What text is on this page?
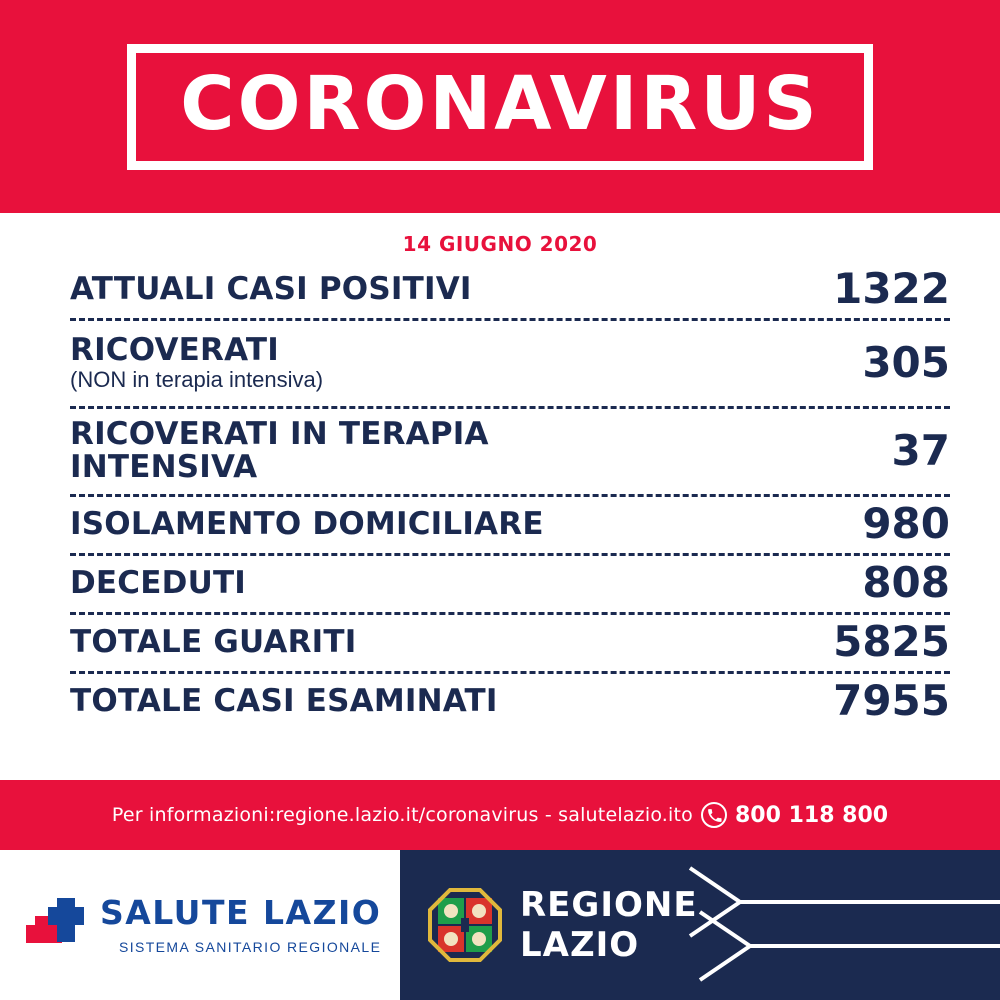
CORONAVIRUS
14 GIUGNO 2020
ATTUALI CASI POSITIVI	1322
RICOVERATI
(NON in terapia intensiva)	305
RICOVERATI IN TERAPIA INTENSIVA	37
ISOLAMENTO DOMICILIARE	980
DECEDUTI	808
TOTALE GUARITI	5825
TOTALE CASI ESAMINATI	7955
Per informazioni: regione.lazio.it/coronavirus - salutelazio.it o 800 118 800
SALUTE LAZIO
SISTEMA SANITARIO REGIONALE
REGIONE
LAZIO
